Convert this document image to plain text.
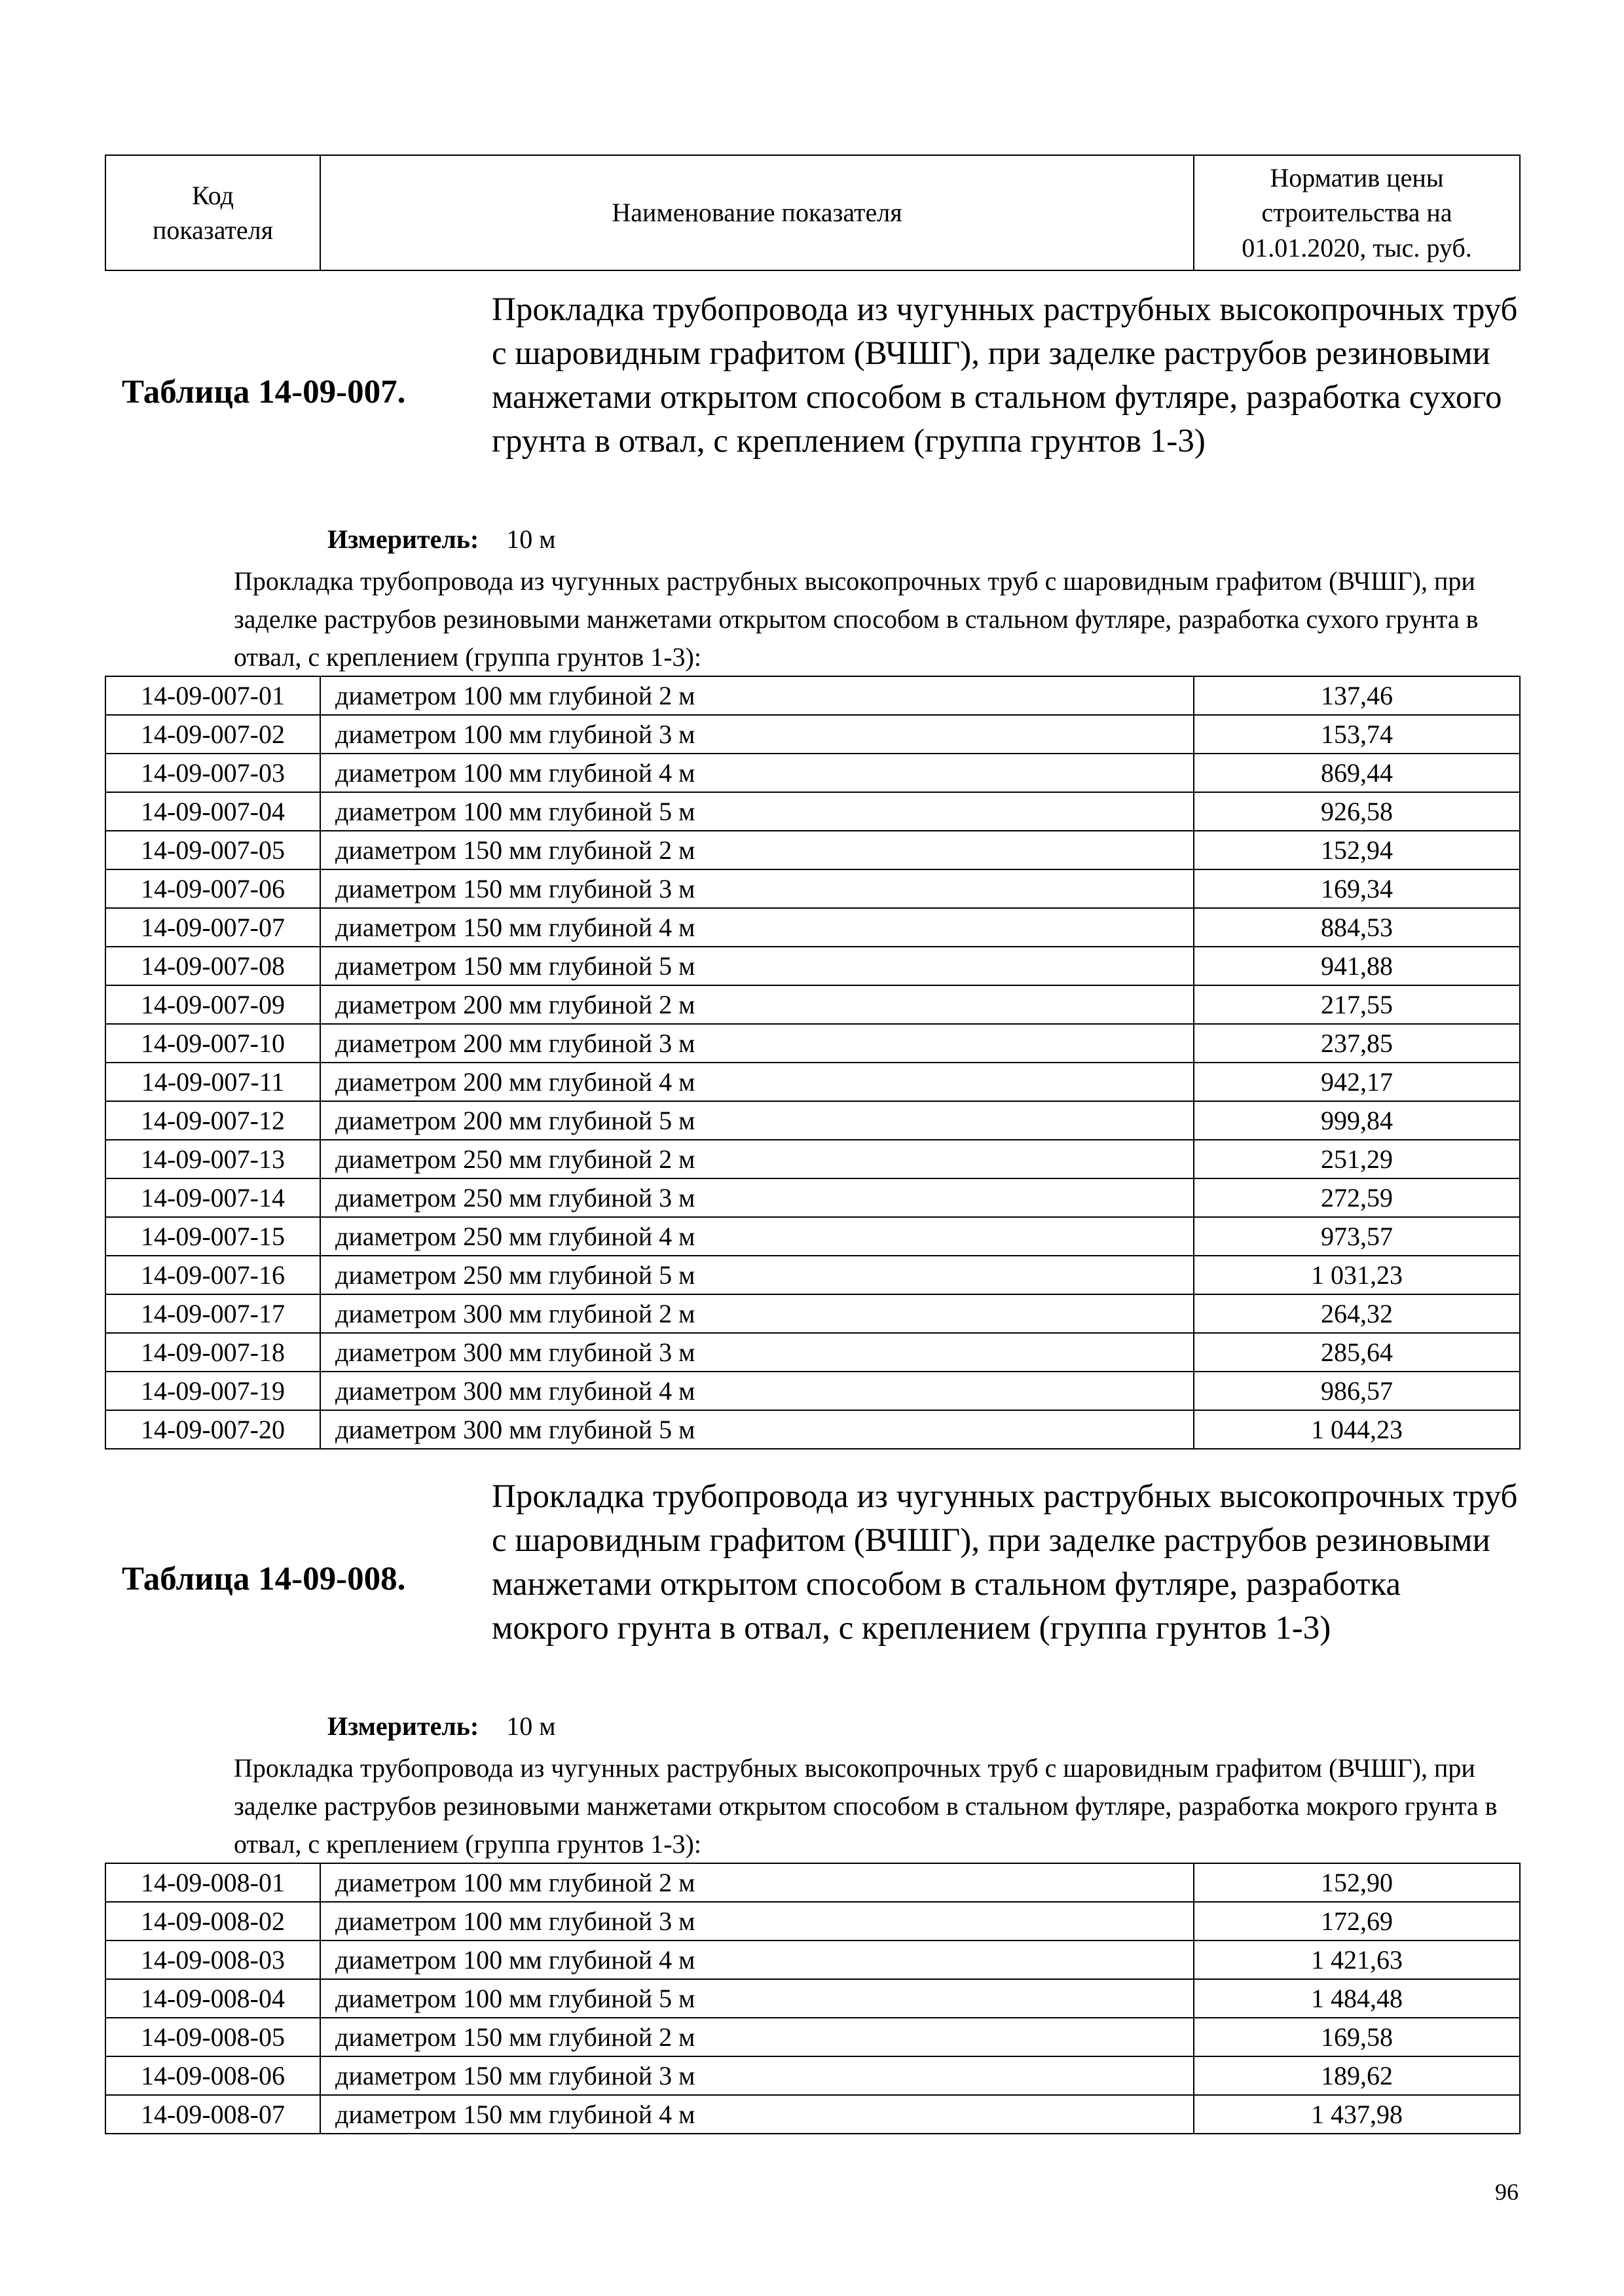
Код показателя	Наименование показателя	Норматив цены строительства на 01.01.2020, тыс. руб.
Таблица 14-09-007.
Прокладка трубопровода из чугунных раструбных высокопрочных труб с шаровидным графитом (ВЧШГ), при заделке раструбов резиновыми манжетами открытом способом в стальном футляре, разработка сухого грунта в отвал, с креплением (группа грунтов 1-3)
Измеритель: 10 м
Прокладка трубопровода из чугунных раструбных высокопрочных труб с шаровидным графитом (ВЧШГ), при заделке раструбов резиновыми манжетами открытом способом в стальном футляре, разработка сухого грунта в отвал, с креплением (группа грунтов 1-3):
14-09-007-01	диаметром 100 мм глубиной 2 м	137,46
14-09-007-02	диаметром 100 мм глубиной 3 м	153,74
14-09-007-03	диаметром 100 мм глубиной 4 м	869,44
14-09-007-04	диаметром 100 мм глубиной 5 м	926,58
14-09-007-05	диаметром 150 мм глубиной 2 м	152,94
14-09-007-06	диаметром 150 мм глубиной 3 м	169,34
14-09-007-07	диаметром 150 мм глубиной 4 м	884,53
14-09-007-08	диаметром 150 мм глубиной 5 м	941,88
14-09-007-09	диаметром 200 мм глубиной 2 м	217,55
14-09-007-10	диаметром 200 мм глубиной 3 м	237,85
14-09-007-11	диаметром 200 мм глубиной 4 м	942,17
14-09-007-12	диаметром 200 мм глубиной 5 м	999,84
14-09-007-13	диаметром 250 мм глубиной 2 м	251,29
14-09-007-14	диаметром 250 мм глубиной 3 м	272,59
14-09-007-15	диаметром 250 мм глубиной 4 м	973,57
14-09-007-16	диаметром 250 мм глубиной 5 м	1 031,23
14-09-007-17	диаметром 300 мм глубиной 2 м	264,32
14-09-007-18	диаметром 300 мм глубиной 3 м	285,64
14-09-007-19	диаметром 300 мм глубиной 4 м	986,57
14-09-007-20	диаметром 300 мм глубиной 5 м	1 044,23
Таблица 14-09-008.
Прокладка трубопровода из чугунных раструбных высокопрочных труб с шаровидным графитом (ВЧШГ), при заделке раструбов резиновыми манжетами открытом способом в стальном футляре, разработка мокрого грунта в отвал, с креплением (группа грунтов 1-3)
Измеритель: 10 м
Прокладка трубопровода из чугунных раструбных высокопрочных труб с шаровидным графитом (ВЧШГ), при заделке раструбов резиновыми манжетами открытом способом в стальном футляре, разработка мокрого грунта в отвал, с креплением (группа грунтов 1-3):
14-09-008-01	диаметром 100 мм глубиной 2 м	152,90
14-09-008-02	диаметром 100 мм глубиной 3 м	172,69
14-09-008-03	диаметром 100 мм глубиной 4 м	1 421,63
14-09-008-04	диаметром 100 мм глубиной 5 м	1 484,48
14-09-008-05	диаметром 150 мм глубиной 2 м	169,58
14-09-008-06	диаметром 150 мм глубиной 3 м	189,62
14-09-008-07	диаметром 150 мм глубиной 4 м	1 437,98
96
